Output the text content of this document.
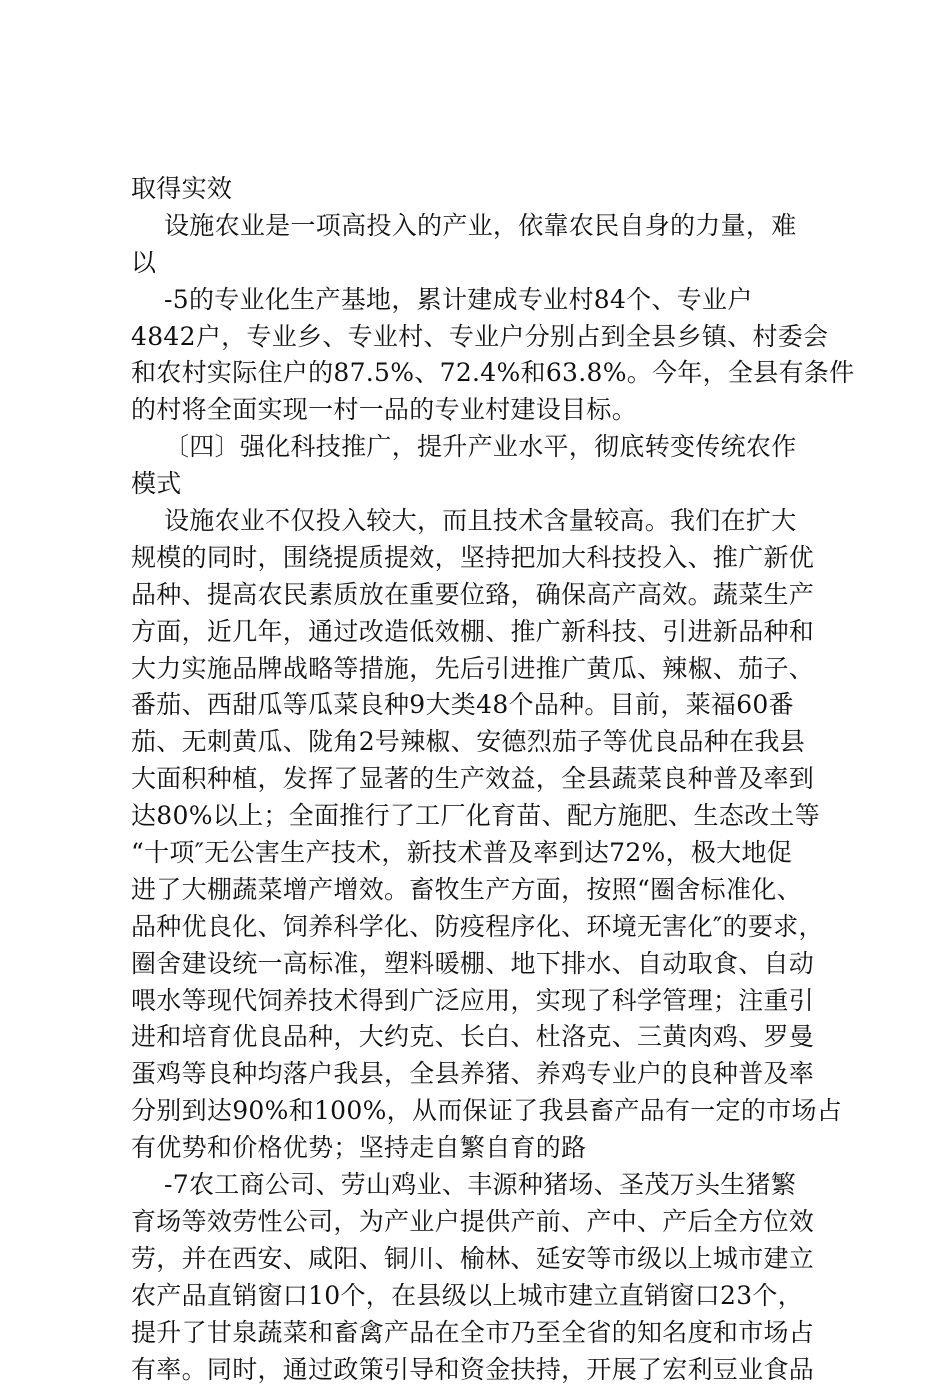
取得实效
设施农业是一项高投入的产业，依靠农民自身的力量，难
以
-5的专业化生产基地，累计建成专业村84个、专业户
4842户，专业乡、专业村、专业户分别占到全县乡镇、村委会
和农村实际住户的87.5%、72.4%和63.8%。今年，全县有条件
的村将全面实现一村一品的专业村建设目标。
〔四〕强化科技推广，提升产业水平，彻底转变传统农作
模式
设施农业不仅投入较大，而且技术含量较高。我们在扩大
规模的同时，围绕提质提效，坚持把加大科技投入、推广新优
品种、提高农民素质放在重要位臵，确保高产高效。蔬菜生产
方面，近几年，通过改造低效棚、推广新科技、引进新品种和
大力实施品牌战略等措施，先后引进推广黄瓜、辣椒、茄子、
番茄、西甜瓜等瓜菜良种9大类48个品种。目前，莱福60番
茄、无刺黄瓜、陇角2号辣椒、安德烈茄子等优良品种在我县
大面积种植，发挥了显著的生产效益，全县蔬菜良种普及率到
达80%以上；全面推行了工厂化育苗、配方施肥、生态改土等
“十项″无公害生产技术，新技术普及率到达72%，极大地促
进了大棚蔬菜增产增效。畜牧生产方面，按照“圈舍标准化、
品种优良化、饲养科学化、防疫程序化、环境无害化″的要求，
圈舍建设统一高标准，塑料暖棚、地下排水、自动取食、自动
喂水等现代饲养技术得到广泛应用，实现了科学管理；注重引
进和培育优良品种，大约克、长白、杜洛克、三黄肉鸡、罗曼
蛋鸡等良种均落户我县，全县养猪、养鸡专业户的良种普及率
分别到达90%和100%，从而保证了我县畜产品有一定的市场占
有优势和价格优势；坚持走自繁自育的路
-7农工商公司、劳山鸡业、丰源种猪场、圣茂万头生猪繁
育场等效劳性公司，为产业户提供产前、产中、产后全方位效
劳，并在西安、咸阳、铜川、榆林、延安等市级以上城市建立
农产品直销窗口10个，在县级以上城市建立直销窗口23个，
提升了甘泉蔬菜和畜禽产品在全市乃至全省的知名度和市场占
有率。同时，通过政策引导和资金扶持，开展了宏利豆业食品
